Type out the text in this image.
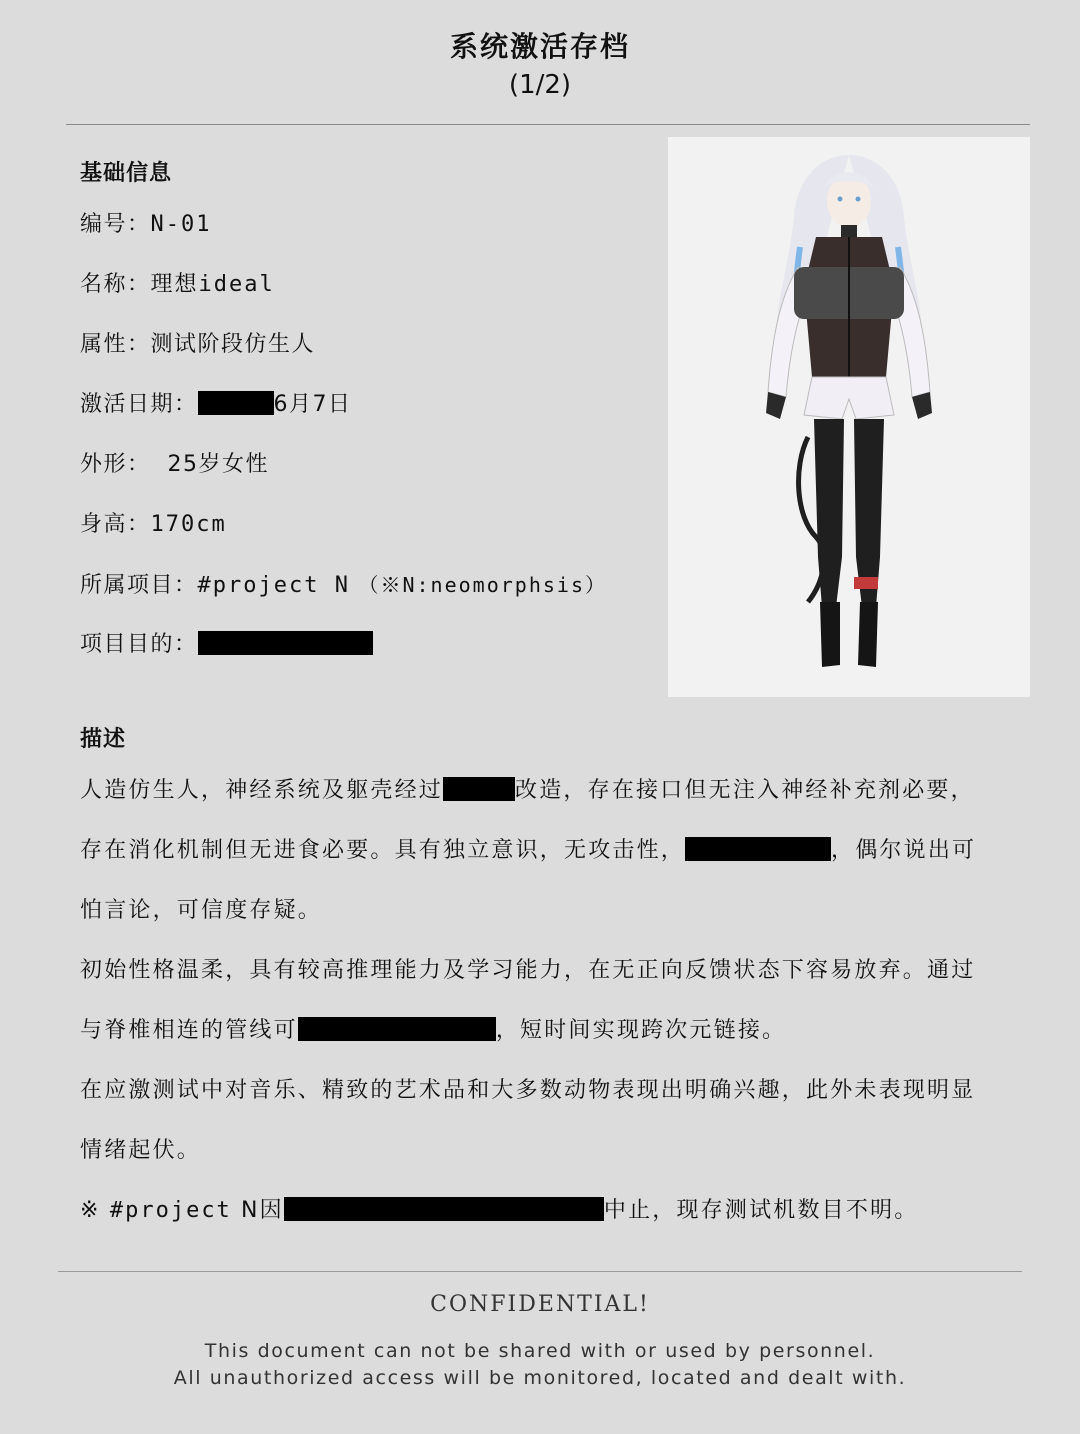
系统激活存档
(1/2)
基础信息
编号：N-01
名称：理想ideal
属性：测试阶段仿生人
激活日期：	6月7日
外形： 25岁女性
身高：170cm
所属项目：#project N （※N:neomorphsis）
项目目的：
描述
人造仿生人，神经系统及躯壳经过	改造，存在接口但无注入神经补充剂必要，
存在消化机制但无进食必要。具有独立意识，无攻击性，	，偶尔说出可
怕言论，可信度存疑。
初始性格温柔，具有较高推理能力及学习能力，在无正向反馈状态下容易放弃。通过
与脊椎相连的管线可	，短时间实现跨次元链接。
在应激测试中对音乐、精致的艺术品和大多数动物表现出明确兴趣，此外未表现明显
情绪起伏。
※ #project N因	中止，现存测试机数目不明。
CONFIDENTIAL!
This document can not be shared with or used by personnel.
All unauthorized access will be monitored, located and dealt with.
